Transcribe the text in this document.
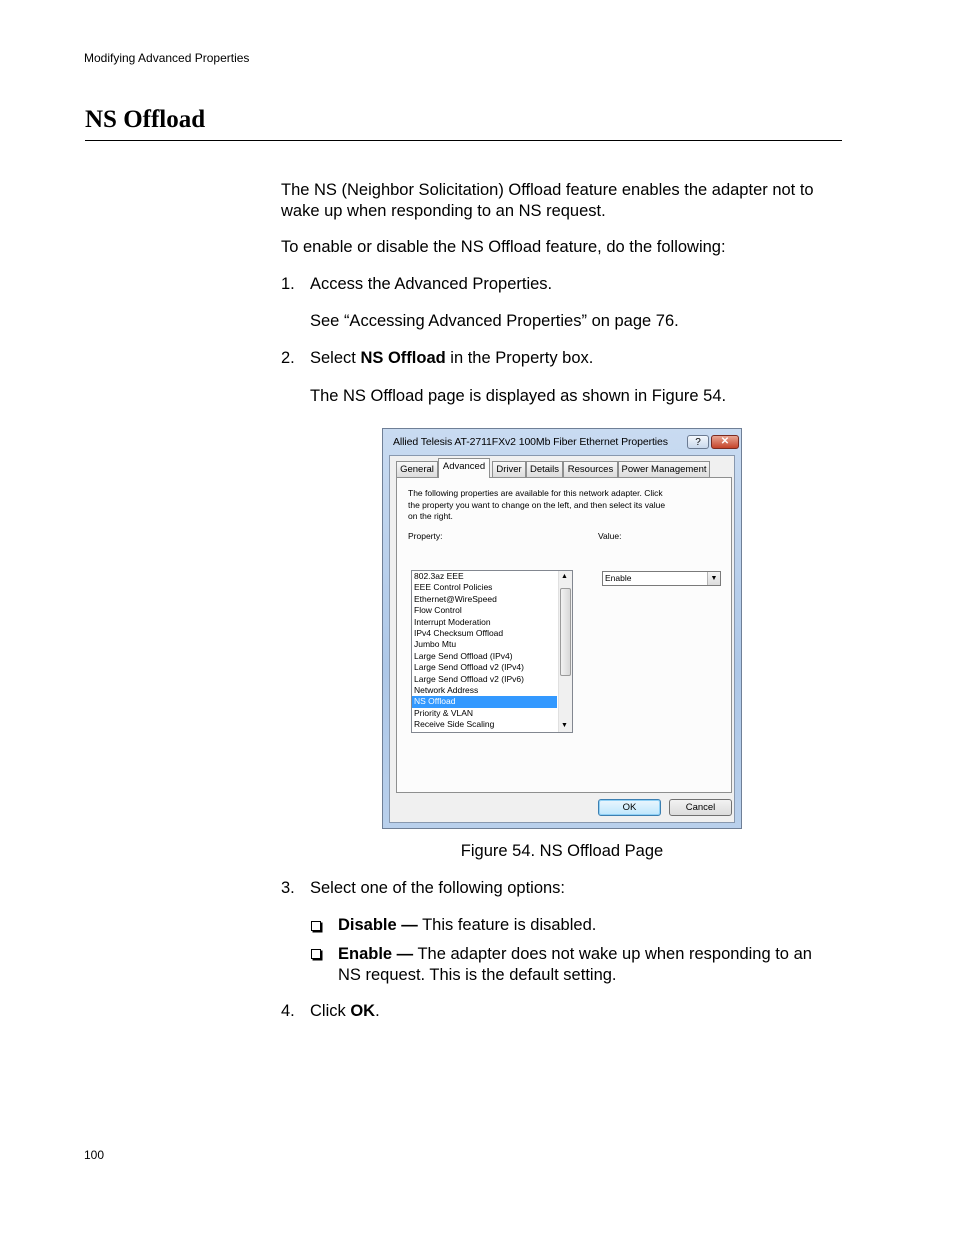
Modifying Advanced Properties
NS Offload
The NS (Neighbor Solicitation) Offload feature enables the adapter not to
wake up when responding to an NS request.
To enable or disable the NS Offload feature, do the following:
1. Access the Advanced Properties.
See “Accessing Advanced Properties” on page 76.
2. Select NS Offload in the Property box.
The NS Offload page is displayed as shown in Figure 54.
Allied Telesis AT-2711FXv2 100Mb Fiber Ethernet Properties	?	✕
General Advanced	Driver Details Resources Power Management
The following properties are available for this network adapter. Click
the property you want to change on the left, and then select its value
on the right.
Property:	Value:
802.3az EEE
EEE Control Policies
Ethernet@WireSpeed
Flow Control
Interrupt Moderation
IPv4 Checksum Offload
Jumbo Mtu
Large Send Offload (IPv4)
Large Send Offload v2 (IPv4)
Large Send Offload v2 (IPv6)
Network Address
NS Offload
Priority & VLAN
Receive Side Scaling
▲
▼
Enable	▼
OK	Cancel
Figure 54. NS Offload Page
3. Select one of the following options:
Disable — This feature is disabled.
Enable — The adapter does not wake up when responding to an
NS request. This is the default setting.
4. Click OK.
100
